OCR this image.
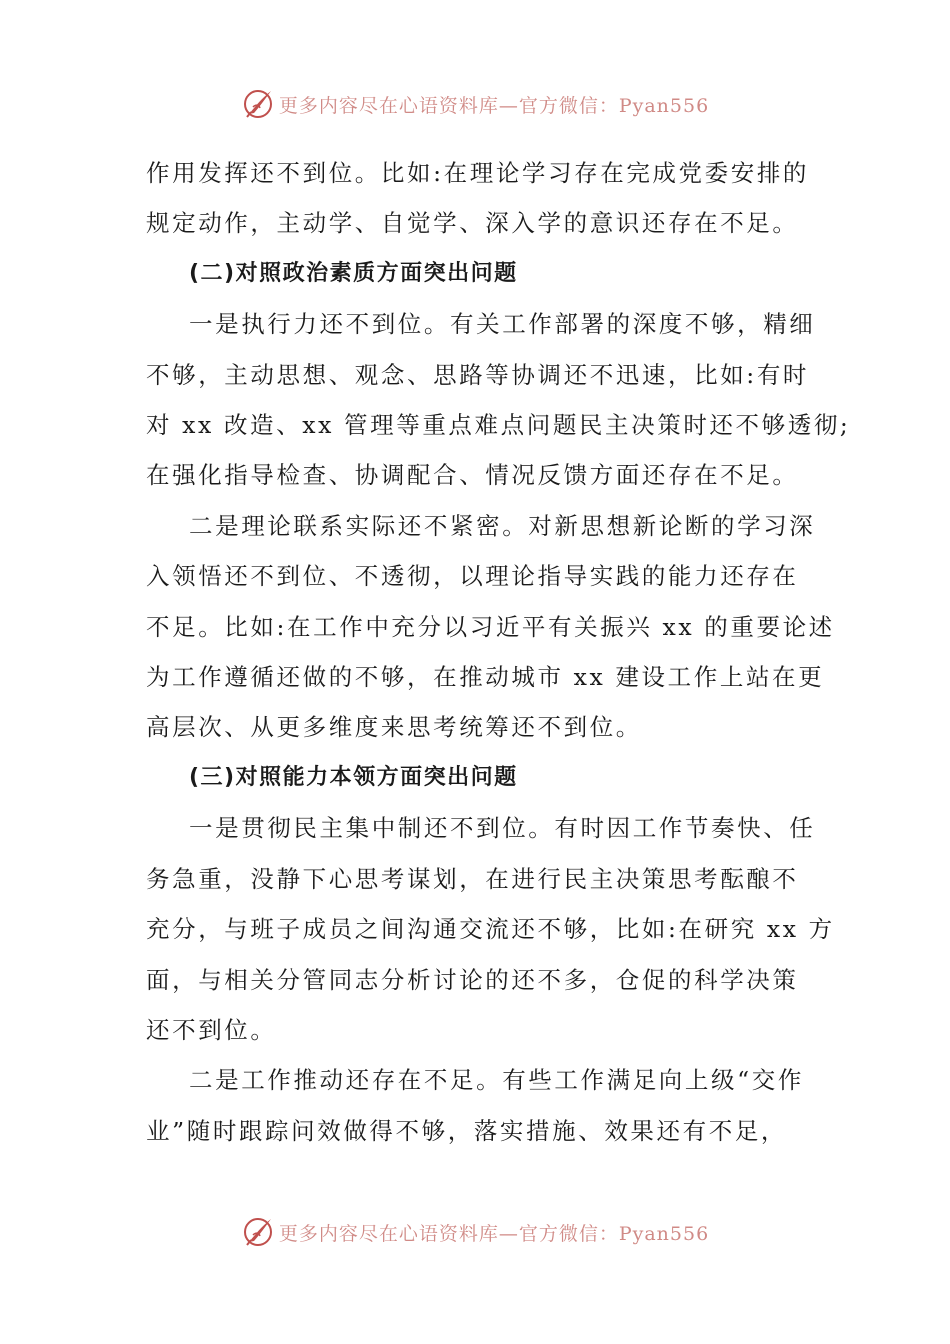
更多内容尽在心语资料库—官方微信：Pyan556

作用发挥还不到位。比如:在理论学习存在完成党委安排的
规定动作，主动学、自觉学、深入学的意识还存在不足。

(二)对照政治素质方面突出问题

一是执行力还不到位。有关工作部署的深度不够，精细
不够，主动思想、观念、思路等协调还不迅速，比如:有时
对 xx 改造、xx 管理等重点难点问题民主决策时还不够透彻;
在强化指导检查、协调配合、情况反馈方面还存在不足。

二是理论联系实际还不紧密。对新思想新论断的学习深
入领悟还不到位、不透彻，以理论指导实践的能力还存在
不足。比如:在工作中充分以习近平有关振兴 xx 的重要论述
为工作遵循还做的不够，在推动城市 xx 建设工作上站在更
高层次、从更多维度来思考统筹还不到位。

(三)对照能力本领方面突出问题

一是贯彻民主集中制还不到位。有时因工作节奏快、任
务急重，没静下心思考谋划，在进行民主决策思考酝酿不
充分，与班子成员之间沟通交流还不够，比如:在研究 xx 方
面，与相关分管同志分析讨论的还不多，仓促的科学决策
还不到位。

二是工作推动还存在不足。有些工作满足向上级“交作
业”随时跟踪问效做得不够，落实措施、效果还有不足，

更多内容尽在心语资料库—官方微信：Pyan556
